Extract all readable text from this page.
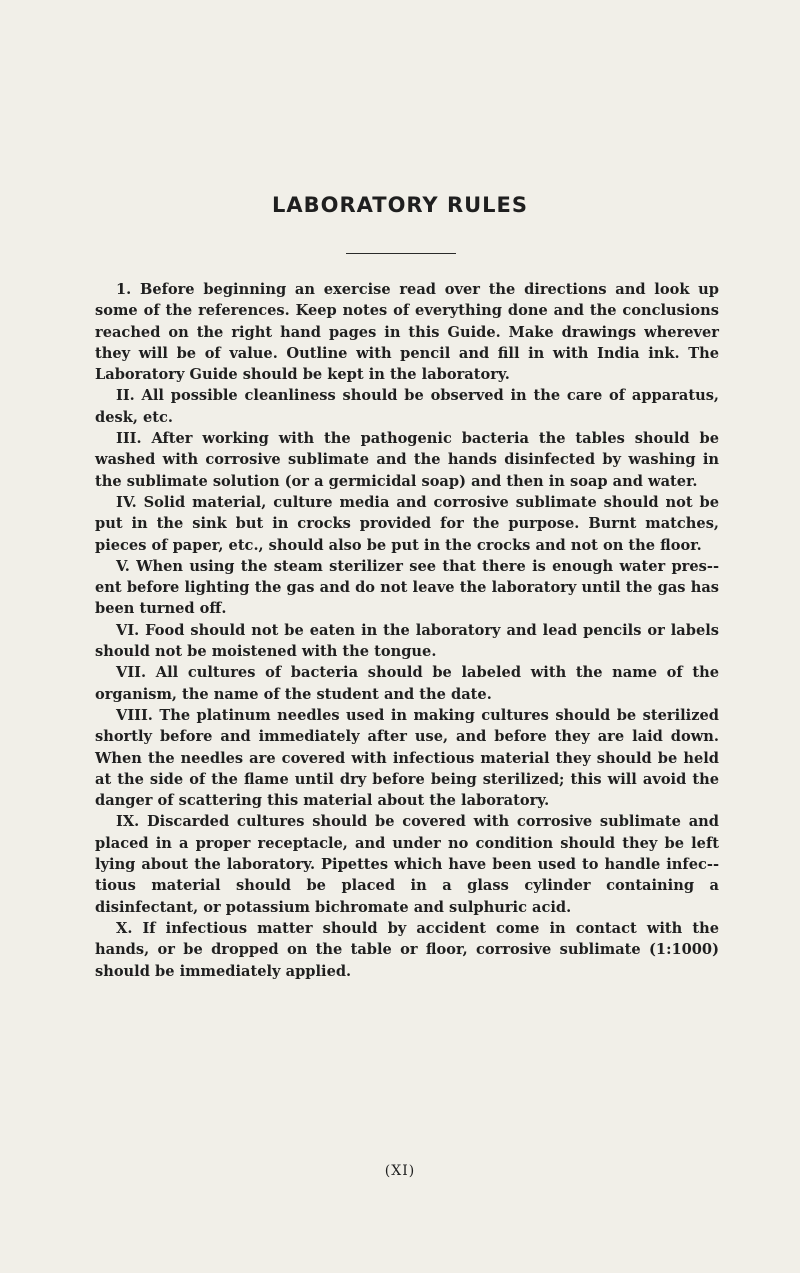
LABORATORY RULES

1. Before beginning an exercise read over the directions and look up some of the references. Keep notes of everything done and the conclusions reached on the right hand pages in this Guide. Make drawings wherever they will be of value. Outline with pencil and fill in with India ink. The Laboratory Guide should be kept in the laboratory.

II. All possible cleanliness should be observed in the care of apparatus, desk, etc.

III. After working with the pathogenic bacteria the tables should be washed with corrosive sublimate and the hands disinfected by washing in the sublimate solution (or a germicidal soap) and then in soap and water.

IV. Solid material, culture media and corrosive sublimate should not be put in the sink but in crocks provided for the purpose. Burnt matches, pieces of paper, etc., should also be put in the crocks and not on the floor.

V. When using the steam sterilizer see that there is enough water pres-ent before lighting the gas and do not leave the laboratory until the gas has been turned off.

VI. Food should not be eaten in the laboratory and lead pencils or labels should not be moistened with the tongue.

VII. All cultures of bacteria should be labeled with the name of the organism, the name of the student and the date.

VIII. The platinum needles used in making cultures should be sterilized shortly before and immediately after use, and before they are laid down. When the needles are covered with infectious material they should be held at the side of the flame until dry before being sterilized; this will avoid the danger of scattering this material about the laboratory.

IX. Discarded cultures should be covered with corrosive sublimate and placed in a proper receptacle, and under no condition should they be left lying about the laboratory. Pipettes which have been used to handle infec-tious material should be placed in a glass cylinder containing a disinfectant, or potassium bichromate and sulphuric acid.

X. If infectious matter should by accident come in contact with the hands, or be dropped on the table or floor, corrosive sublimate (1:1000) should be immediately applied.

(XI)
